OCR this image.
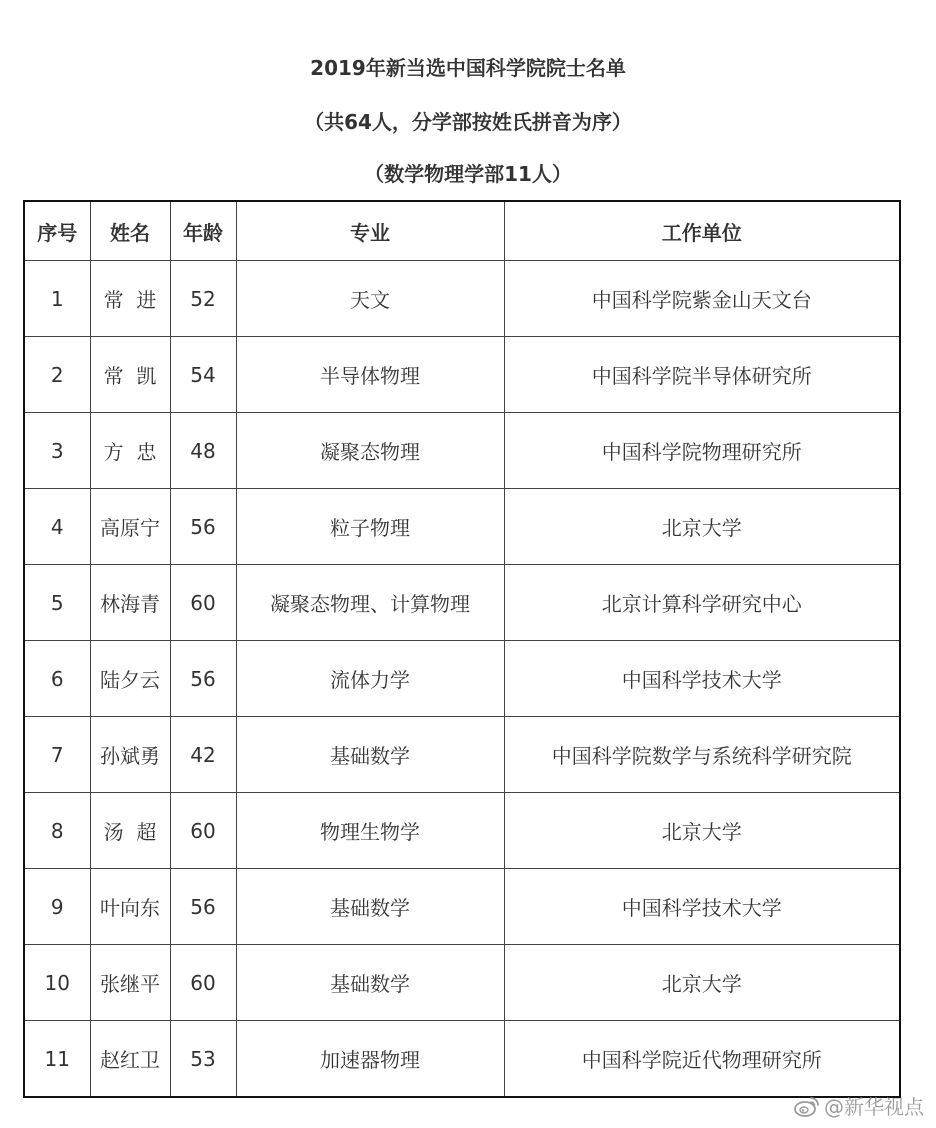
2019年新当选中国科学院院士名单
（共64人，分学部按姓氏拼音为序）
（数学物理学部11人）
序号	姓名	年龄	专业	工作单位
1	常  进	52	天文	中国科学院紫金山天文台
2	常  凯	54	半导体物理	中国科学院半导体研究所
3	方  忠	48	凝聚态物理	中国科学院物理研究所
4	高原宁	56	粒子物理	北京大学
5	林海青	60	凝聚态物理、计算物理	北京计算科学研究中心
6	陆夕云	56	流体力学	中国科学技术大学
7	孙斌勇	42	基础数学	中国科学院数学与系统科学研究院
8	汤  超	60	物理生物学	北京大学
9	叶向东	56	基础数学	中国科学技术大学
10	张继平	60	基础数学	北京大学
11	赵红卫	53	加速器物理	中国科学院近代物理研究所
@新华视点
